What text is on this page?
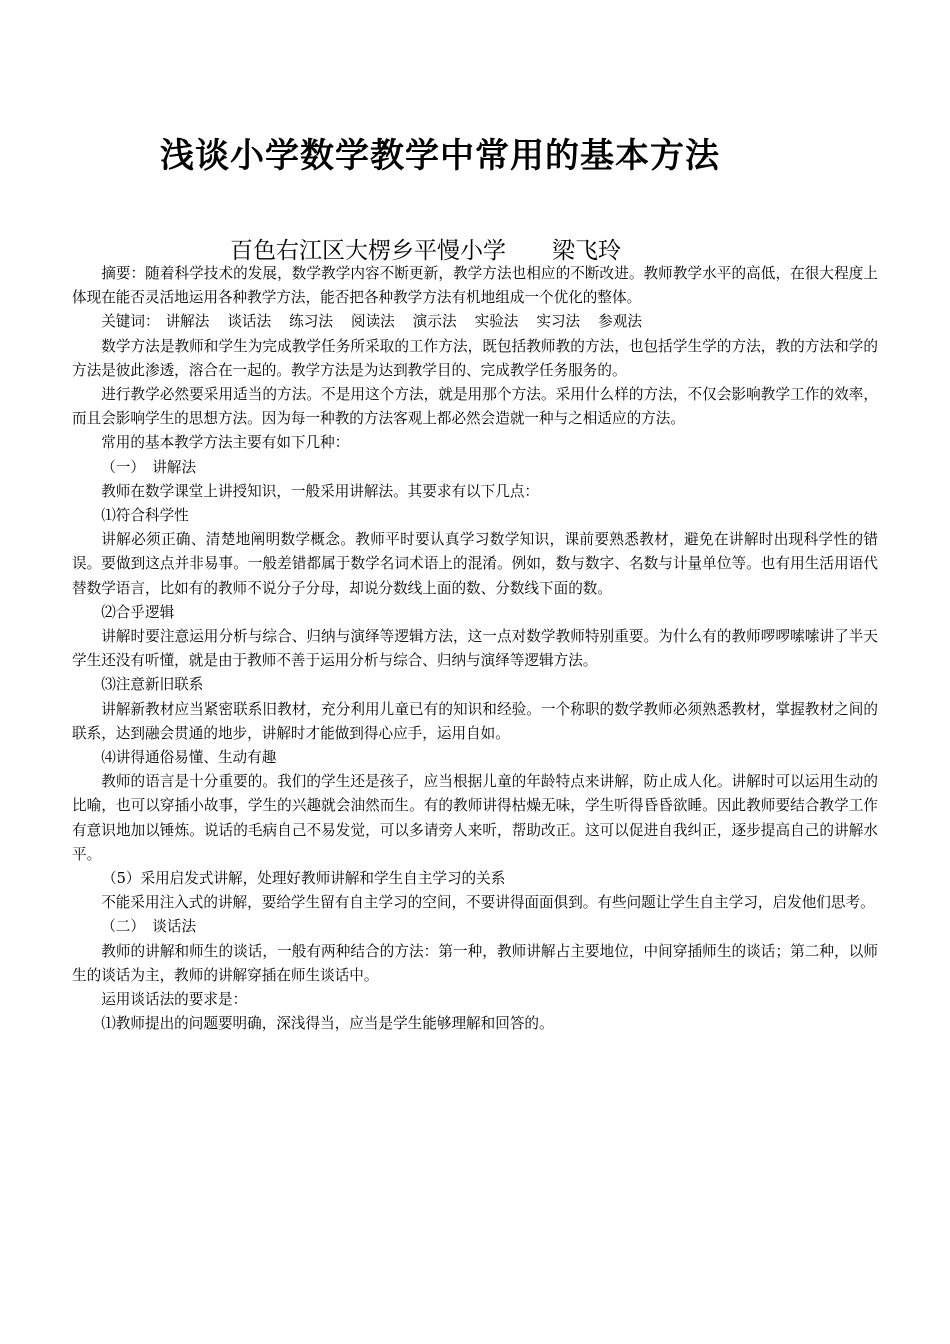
浅谈小学数学教学中常用的基本方法
百色右江区大楞乡平慢小学 梁飞玲

摘要：随着科学技术的发展，数学教学内容不断更新，教学方法也相应的不断改进。教师教学水平的高低，在很大程度上体现在能否灵活地运用各种教学方法，能否把各种教学方法有机地组成一个优化的整体。

关键词： 讲解法 谈话法 练习法 阅读法 演示法 实验法 实习法 参观法

数学方法是教师和学生为完成教学任务所采取的工作方法，既包括教师教的方法，也包括学生学的方法，教的方法和学的方法是彼此渗透，溶合在一起的。教学方法是为达到教学目的、完成教学任务服务的。

进行教学必然要采用适当的方法。不是用这个方法，就是用那个方法。采用什么样的方法，不仅会影响教学工作的效率，而且会影响学生的思想方法。因为每一种教的方法客观上都必然会造就一种与之相适应的方法。

常用的基本教学方法主要有如下几种：

（一）　讲解法

教师在数学课堂上讲授知识，一般采用讲解法。其要求有以下几点：

⑴符合科学性

讲解必须正确、清楚地阐明数学概念。教师平时要认真学习数学知识，课前要熟悉教材，避免在讲解时出现科学性的错误。要做到这点并非易事。一般差错都属于数学名词术语上的混淆。例如，数与数字、名数与计量单位等。也有用生活用语代替数学语言，比如有的教师不说分子分母，却说分数线上面的数、分数线下面的数。

⑵合乎逻辑

讲解时要注意运用分析与综合、归纳与演绎等逻辑方法，这一点对数学教师特别重要。为什么有的教师啰啰嗦嗦讲了半天学生还没有听懂，就是由于教师不善于运用分析与综合、归纳与演绎等逻辑方法。

⑶注意新旧联系

讲解新教材应当紧密联系旧教材，充分利用儿童已有的知识和经验。一个称职的数学教师必须熟悉教材，掌握教材之间的联系，达到融会贯通的地步，讲解时才能做到得心应手，运用自如。

⑷讲得通俗易懂、生动有趣

教师的语言是十分重要的。我们的学生还是孩子，应当根据儿童的年龄特点来讲解，防止成人化。讲解时可以运用生动的比喻，也可以穿插小故事，学生的兴趣就会油然而生。有的教师讲得枯燥无味，学生听得昏昏欲睡。因此教师要结合教学工作有意识地加以锤炼。说话的毛病自己不易发觉，可以多请旁人来听，帮助改正。这可以促进自我纠正，逐步提高自己的讲解水平。

（5）采用启发式讲解，处理好教师讲解和学生自主学习的关系

不能采用注入式的讲解，要给学生留有自主学习的空间，不要讲得面面俱到。有些问题让学生自主学习，启发他们思考。

（二）　谈话法

教师的讲解和师生的谈话，一般有两种结合的方法：第一种，教师讲解占主要地位，中间穿插师生的谈话；第二种，以师生的谈话为主，教师的讲解穿插在师生谈话中。

运用谈话法的要求是：

⑴教师提出的问题要明确，深浅得当，应当是学生能够理解和回答的。
